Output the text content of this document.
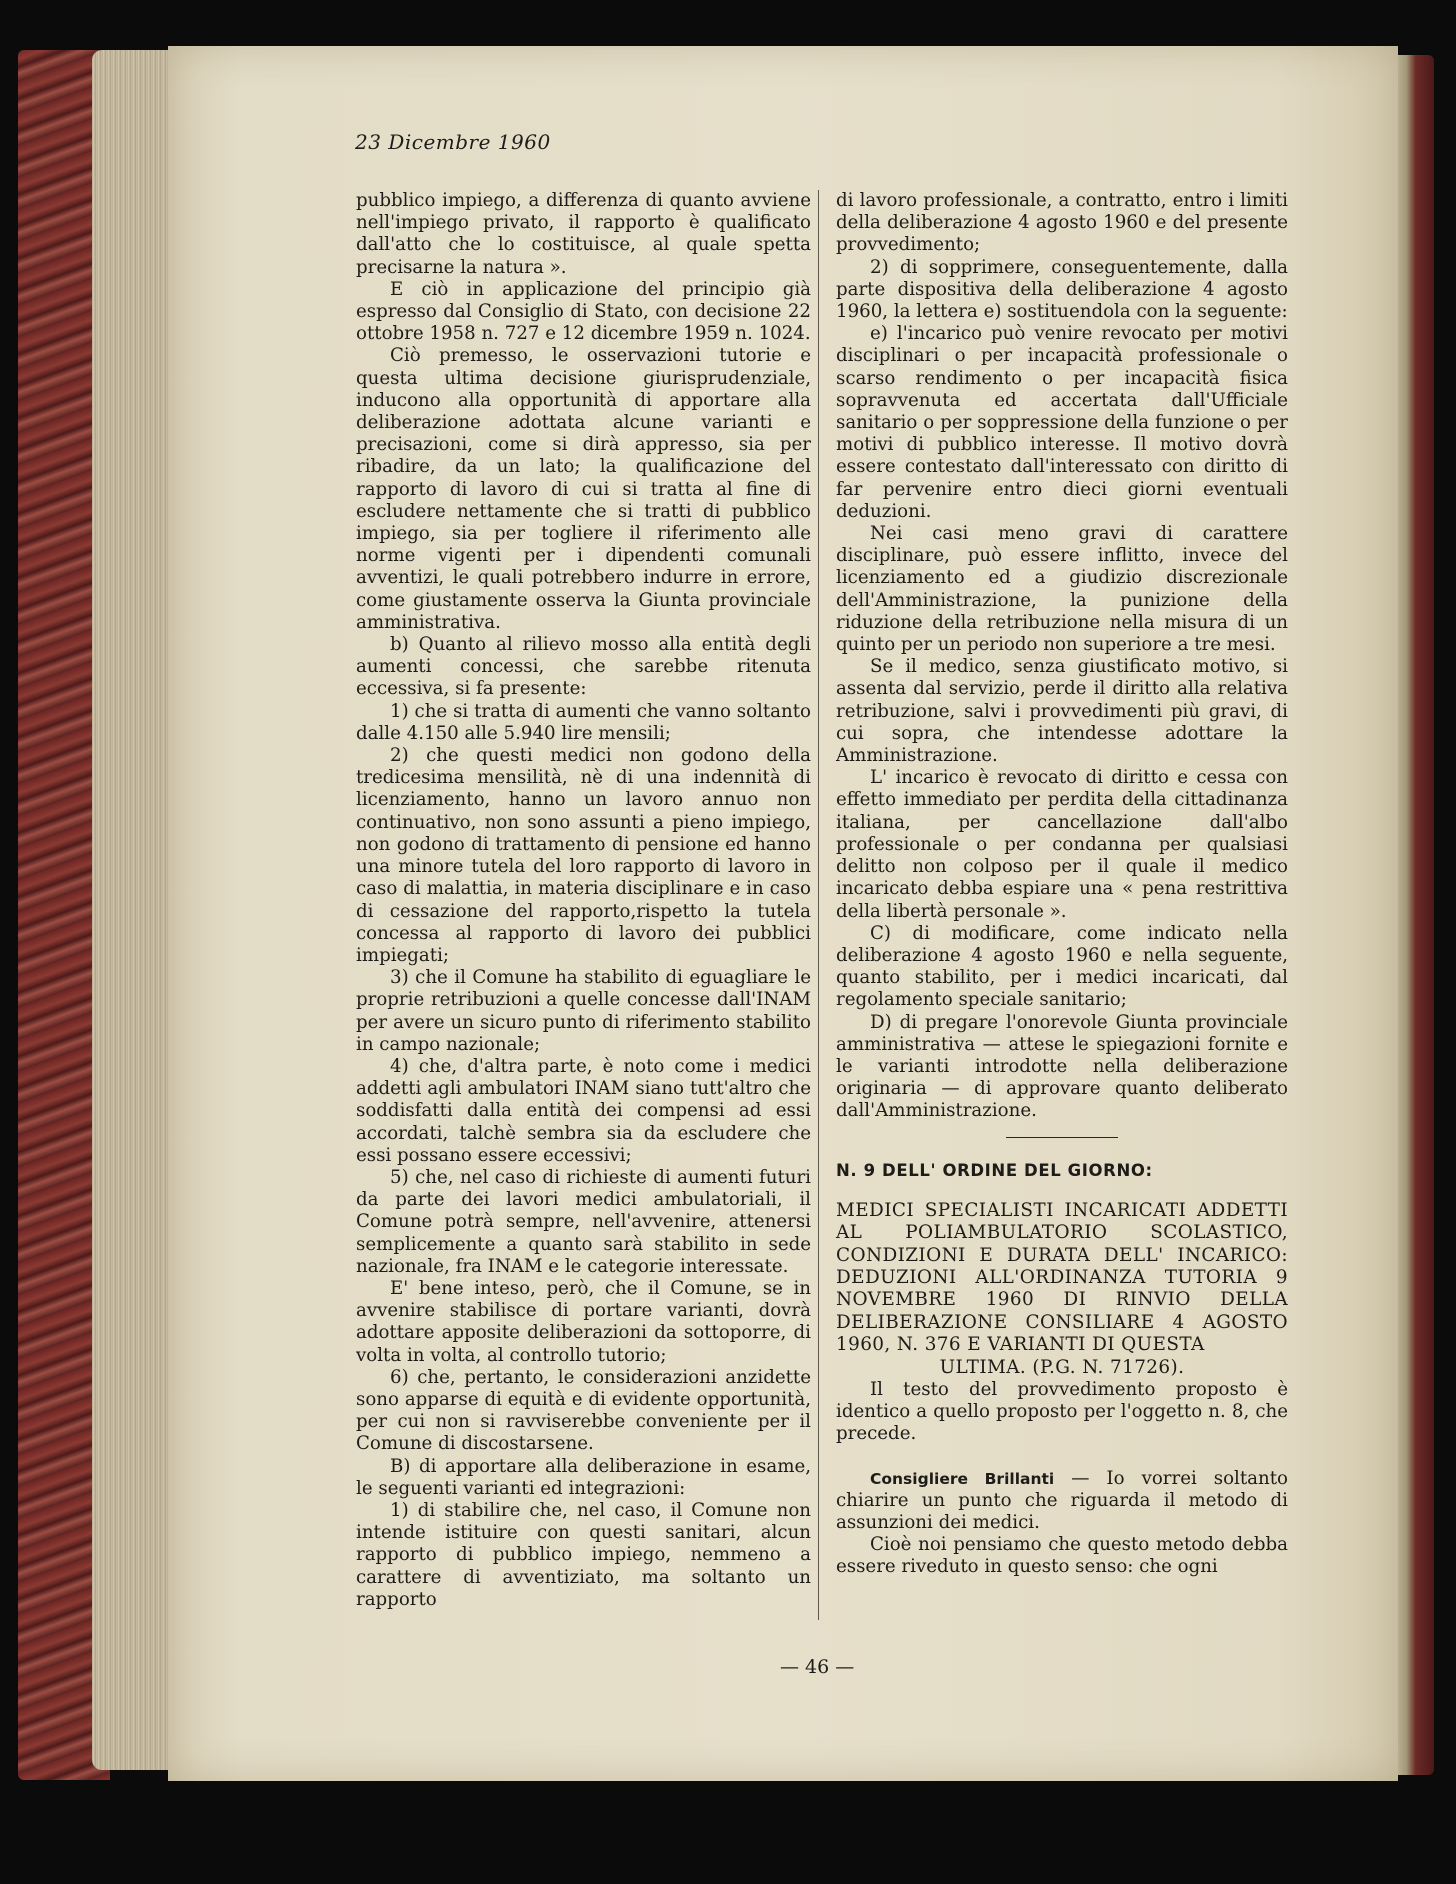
23 Dicembre 1960

pubblico impiego, a differenza di quanto avviene nell'impiego privato, il rapporto è qualificato dall'atto che lo costituisce, al quale spetta precisarne la natura ».

E ciò in applicazione del principio già espresso dal Consiglio di Stato, con decisione 22 ottobre 1958 n. 727 e 12 dicembre 1959 n. 1024.

Ciò premesso, le osservazioni tutorie e questa ultima decisione giurisprudenziale, inducono alla opportunità di apportare alla deliberazione adottata alcune varianti e precisazioni, come si dirà appresso, sia per ribadire, da un lato; la qualificazione del rapporto di lavoro di cui si tratta al fine di escludere nettamente che si tratti di pubblico impiego, sia per togliere il riferimento alle norme vigenti per i dipendenti comunali avventizi, le quali potrebbero indurre in errore, come giustamente osserva la Giunta provinciale amministrativa.

b) Quanto al rilievo mosso alla entità degli aumenti concessi, che sarebbe ritenuta eccessiva, si fa presente:

1) che si tratta di aumenti che vanno soltanto dalle 4.150 alle 5.940 lire mensili;

2) che questi medici non godono della tredicesima mensilità, nè di una indennità di licenziamento, hanno un lavoro annuo non continuativo, non sono assunti a pieno impiego, non godono di trattamento di pensione ed hanno una minore tutela del loro rapporto di lavoro in caso di malattia, in materia disciplinare e in caso di cessazione del rapporto,rispetto la tutela concessa al rapporto di lavoro dei pubblici impiegati;

3) che il Comune ha stabilito di eguagliare le proprie retribuzioni a quelle concesse dall'INAM per avere un sicuro punto di riferimento stabilito in campo nazionale;

4) che, d'altra parte, è noto come i medici addetti agli ambulatori INAM siano tutt'altro che soddisfatti dalla entità dei compensi ad essi accordati, talchè sembra sia da escludere che essi possano essere eccessivi;

5) che, nel caso di richieste di aumenti futuri da parte dei lavori medici ambulatoriali, il Comune potrà sempre, nell'avvenire, attenersi semplicemente a quanto sarà stabilito in sede nazionale, fra INAM e le categorie interessate.

E' bene inteso, però, che il Comune, se in avvenire stabilisce di portare varianti, dovrà adottare apposite deliberazioni da sottoporre, di volta in volta, al controllo tutorio;

6) che, pertanto, le considerazioni anzidette sono apparse di equità e di evidente opportunità, per cui non si ravviserebbe conveniente per il Comune di discostarsene.

B) di apportare alla deliberazione in esame, le seguenti varianti ed integrazioni:

1) di stabilire che, nel caso, il Comune non intende istituire con questi sanitari, alcun rapporto di pubblico impiego, nemmeno a carattere di avventiziato, ma soltanto un rapporto

di lavoro professionale, a contratto, entro i limiti della deliberazione 4 agosto 1960 e del presente provvedimento;

2) di sopprimere, conseguentemente, dalla parte dispositiva della deliberazione 4 agosto 1960, la lettera e) sostituendola con la seguente:

e) l'incarico può venire revocato per motivi disciplinari o per incapacità professionale o scarso rendimento o per incapacità fisica sopravvenuta ed accertata dall'Ufficiale sanitario o per soppressione della funzione o per motivi di pubblico interesse. Il motivo dovrà essere contestato dall'interessato con diritto di far pervenire entro dieci giorni eventuali deduzioni.

Nei casi meno gravi di carattere disciplinare, può essere inflitto, invece del licenziamento ed a giudizio discrezionale dell'Amministrazione, la punizione della riduzione della retribuzione nella misura di un quinto per un periodo non superiore a tre mesi.

Se il medico, senza giustificato motivo, si assenta dal servizio, perde il diritto alla relativa retribuzione, salvi i provvedimenti più gravi, di cui sopra, che intendesse adottare la Amministrazione.

L' incarico è revocato di diritto e cessa con effetto immediato per perdita della cittadinanza italiana, per cancellazione dall'albo professionale o per condanna per qualsiasi delitto non colposo per il quale il medico incaricato debba espiare una « pena restrittiva della libertà personale ».

C) di modificare, come indicato nella deliberazione 4 agosto 1960 e nella seguente, quanto stabilito, per i medici incaricati, dal regolamento speciale sanitario;

D) di pregare l'onorevole Giunta provinciale amministrativa — attese le spiegazioni fornite e le varianti introdotte nella deliberazione originaria — di approvare quanto deliberato dall'Amministrazione.

N. 9 DELL' ORDINE DEL GIORNO:

MEDICI SPECIALISTI INCARICATI ADDETTI AL POLIAMBULATORIO SCOLASTICO, CONDIZIONI E DURATA DELL' INCARICO: DEDUZIONI ALL'ORDINANZA TUTORIA 9 NOVEMBRE 1960 DI RINVIO DELLA DELIBERAZIONE CONSILIARE 4 AGOSTO 1960, N. 376 E VARIANTI DI QUESTA
ULTIMA. (P.G. N. 71726).

Il testo del provvedimento proposto è identico a quello proposto per l'oggetto n. 8, che precede.

Consigliere Brillanti — Io vorrei soltanto chiarire un punto che riguarda il metodo di assunzioni dei medici.

Cioè noi pensiamo che questo metodo debba essere riveduto in questo senso: che ogni

— 46 —
